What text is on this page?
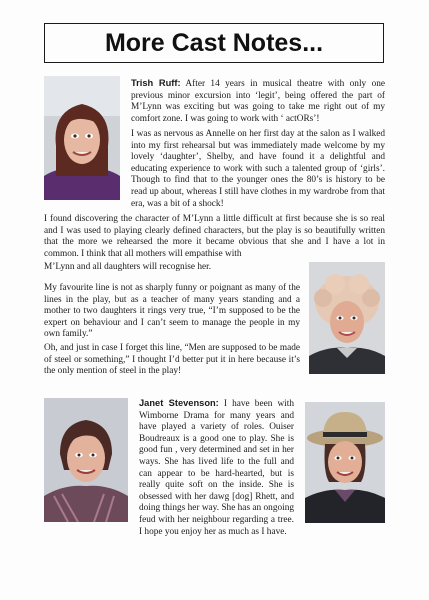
More Cast Notes...

Trish Ruff: After 14 years in musical theatre with only one previous minor excursion into ‘legit’, being offered the part of M’Lynn was exciting but was going to take me right out of my comfort zone. I was going to work with ‘ actORs’!

I was as nervous as Annelle on her first day at the salon as I walked into my first rehearsal but was immediately made welcome by my lovely ‘daughter’, Shelby, and have found it a delightful and educating experience to work with such a talented group of ‘girls’. Though to find that to the younger ones the 80’s is history to be read up about, whereas I still have clothes in my wardrobe from that era, was a bit of a shock!

I found discovering the character of M’Lynn a little difficult at first because she is so real and I was used to playing clearly defined characters, but the play is so beautifully written that the more we rehearsed the more it became obvious that she and I have a lot in common. I think that all mothers will empathise with

M’Lynn and all daughters will recognise her.

My favourite line is not as sharply funny or poignant as many of the lines in the play, but as a teacher of many years standing and a mother to two daughters it rings very true, “I’m supposed to be the expert on behaviour and I can’t seem to manage the people in my own family.”

Oh, and just in case I forget this line, “Men are supposed to be made of steel or something,” I thought I’d better put it in here because it’s the only mention of steel in the play!

Janet Stevenson: I have been with Wimborne Drama for many years and have played a variety of roles. Ouiser Boudreaux is a good one to play. She is good fun , very determined and set in her ways. She has lived life to the full and can appear to be hard-hearted, but is really quite soft on the inside. She is obsessed with her dawg [dog] Rhett, and doing things her way. She has an ongoing feud with her neighbour regarding a tree. I hope you enjoy her as much as I have.
